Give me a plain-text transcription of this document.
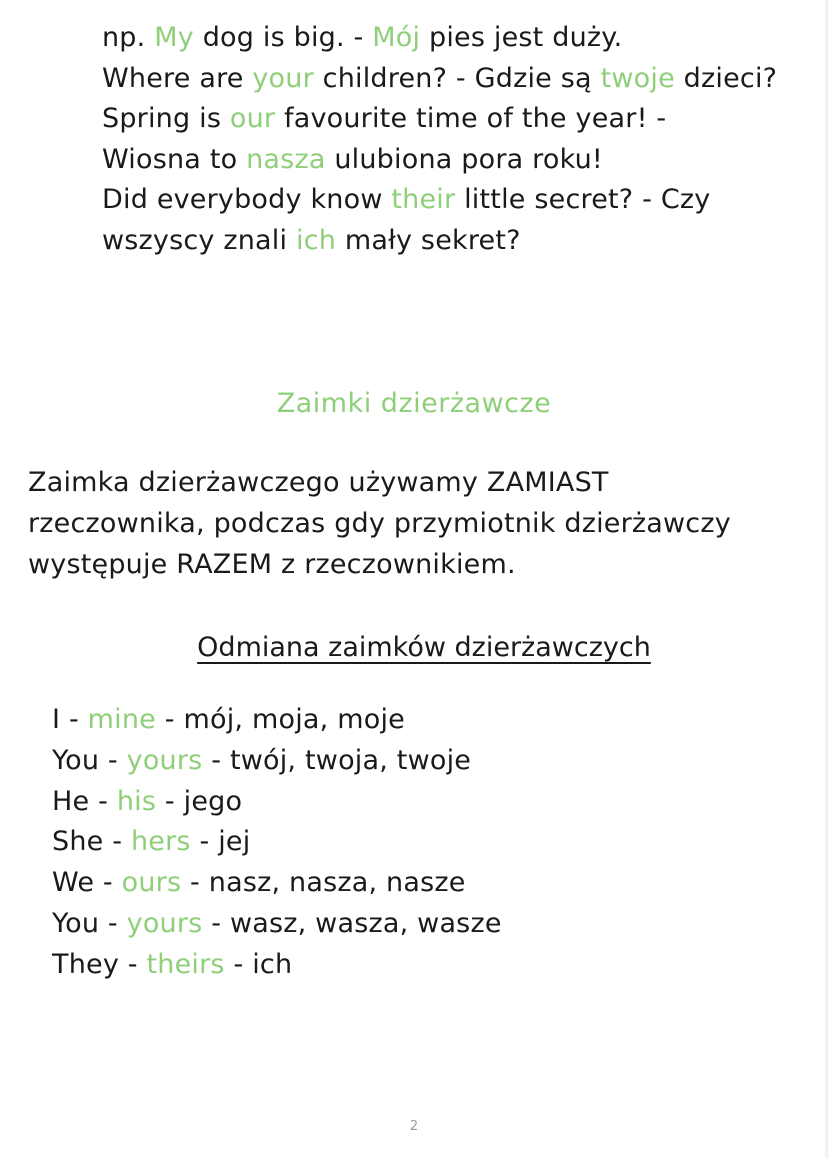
np. My dog is big. - Mój pies jest duży.
Where are your children? - Gdzie są twoje dzieci?
Spring is our favourite time of the year! -
Wiosna to nasza ulubiona pora roku!
Did everybody know their little secret? - Czy
wszyscy znali ich mały sekret?
Zaimki dzierżawcze
Zaimka dzierżawczego używamy ZAMIAST
rzeczownika, podczas gdy przymiotnik dzierżawczy
występuje RAZEM z rzeczownikiem.
Odmiana zaimków dzierżawczych
I - mine - mój, moja, moje
You - yours - twój, twoja, twoje
He - his - jego
She - hers - jej
We - ours - nasz, nasza, nasze
You - yours - wasz, wasza, wasze
They - theirs - ich
2
